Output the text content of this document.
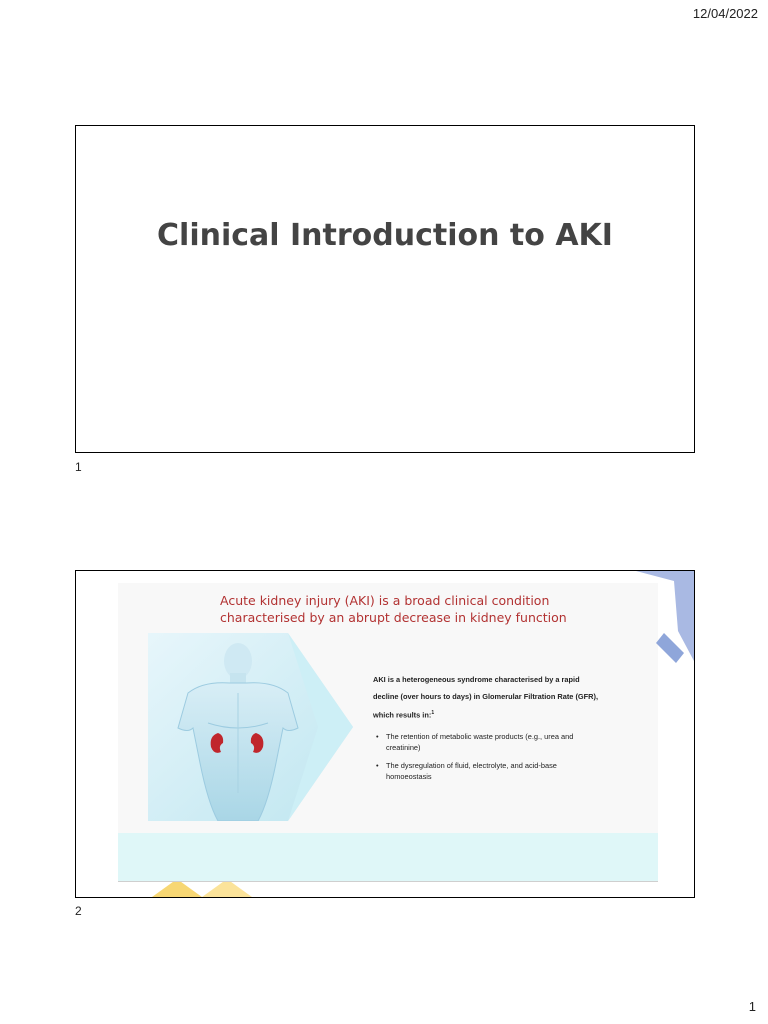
12/04/2022
Clinical Introduction to AKI
1
Acute kidney injury (AKI) is a broad clinical condition characterised by an abrupt decrease in kidney function
AKI is a heterogeneous syndrome characterised by a rapid decline (over hours to days) in Glomerular Filtration Rate (GFR), which results in:$^1$
• The retention of metabolic waste products (e.g., urea and creatinine)
• The dysregulation of fluid, electrolyte, and acid-base homoeostasis
2
1
